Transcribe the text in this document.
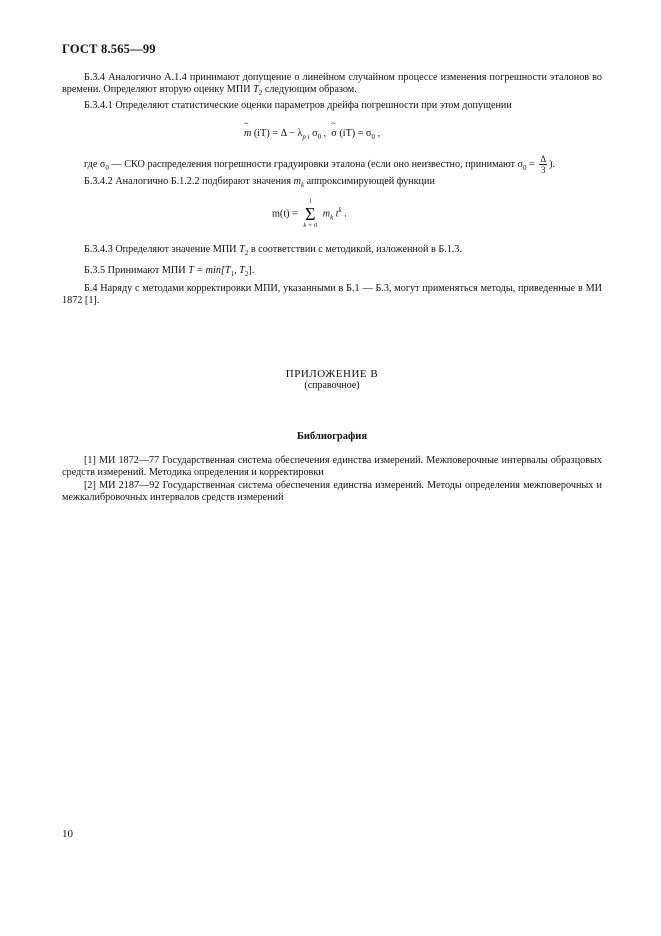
ГОСТ 8.565—99

Б.3.4 Аналогично А.1.4 принимают допущение о линейном случайном процессе изменения погрешности эталонов во времени. Определяют вторую оценку МПИ $T_2$ следующим образом.

Б.3.4.1 Определяют статистические оценки параметров дрейфа погрешности при этом допущении

~ m $(iT) = \Delta - \lambda_{p i}$ $\sigma_0$ ,  ~ σ $(iT) = \sigma_0$ ,
где $\sigma_0$ — СКО распределения погрешности градуировки эталона (если оно неизвестно, принимают $\sigma_0 = \frac{\Delta}{3}$ ).
Б.3.4.2 Аналогично Б.1.2.2 подбирают значения $m_k$ аппроксимирующей функции
m(t) =
l
Σ
k = 0
$m_k$ $t^k$ .
Б.3.4.3 Определяют значение МПИ $T_2$ в соответствии с методикой, изложенной в Б.1.3.
Б.3.5 Принимают МПИ $T = \min[T_1$, $T_2$].

Б.4 Наряду с методами корректировки МПИ, указанными в Б.1 — Б.3, могут применяться методы, приведенные в МИ 1872 [1].

ПРИЛОЖЕНИЕ В
(справочное)
Библиография

[1] МИ 1872—77 Государственная система обеспечения единства измерений. Межповерочные интервалы образцовых средств измерений. Методика определения и корректировки

[2] МИ 2187—92 Государственная система обеспечения единства измерений. Методы определения межповерочных и межкалибровочных интервалов средств измерений

10
